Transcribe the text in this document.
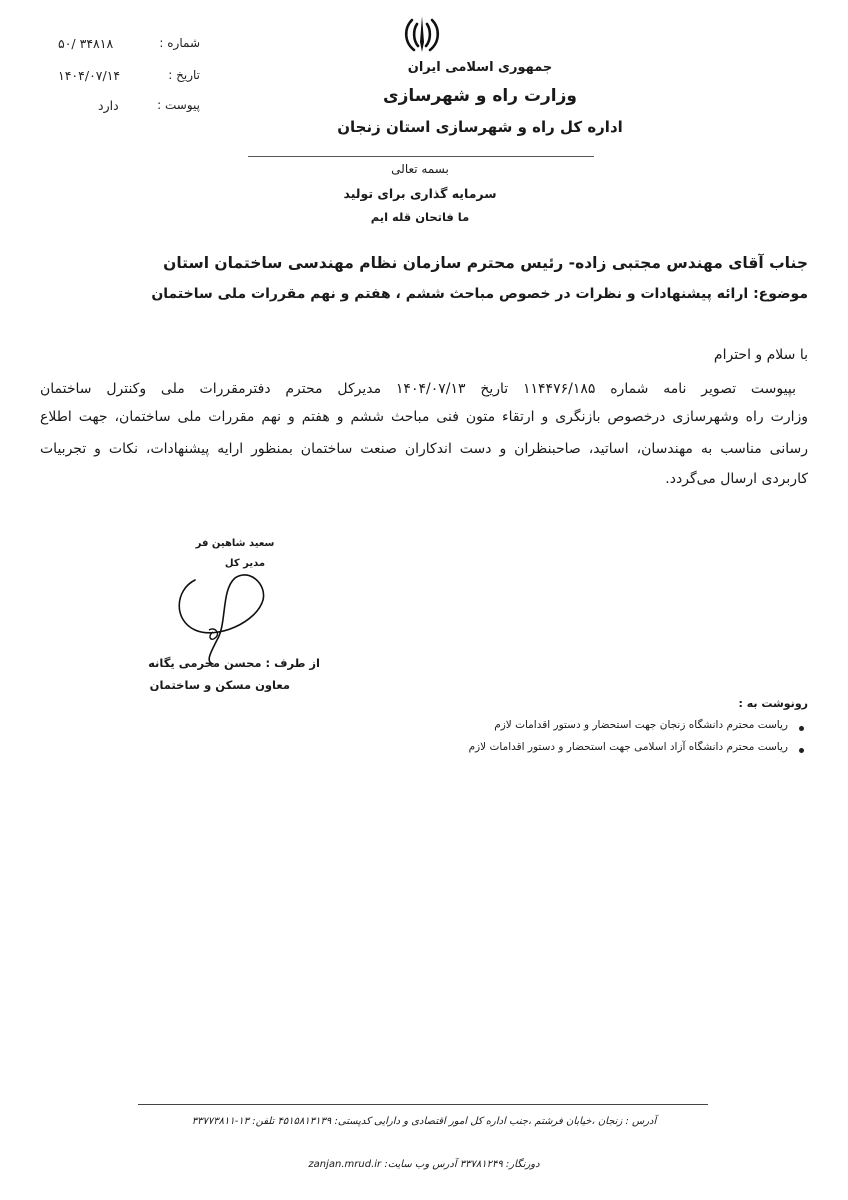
شماره :
۵۰/ ۳۴۸۱۸
تاریخ :
۱۴۰۴/۰۷/۱۴
پیوست :
دارد
جمهوری اسلامی ایران
وزارت راه و شهرسازی
اداره کل راه و شهرسازی استان زنجان
بسمه تعالی
سرمایه گذاری برای تولید
ما فاتحان قله ایم
جناب آقای مهندس مجتبی زاده- رئیس محترم سازمان نظام مهندسی ساختمان استان
موضوع: ارائه پیشنهادات و نظرات در خصوص مباحث ششم ، هفتم و نهم مقررات ملی ساختمان
با سلام و احترام
بپیوست تصویر نامه شماره ۱۱۴۴۷۶/۱۸۵ تاریخ ۱۴۰۴/۰۷/۱۳ مدیرکل محترم دفترمقررات ملی وکنترل ساختمان
وزارت راه وشهرسازی درخصوص بازنگری و ارتقاء متون فنی مباحث ششم و هفتم و نهم مقررات ملی ساختمان، جهت اطلاع
رسانی مناسب به مهندسان، اساتید، صاحبنظران و دست اندکاران صنعت ساختمان بمنظور ارایه پیشنهادات، نکات و تجربیات
کاربردی ارسال می‌گردد.
سعید شاهین فر
مدیر کل
از طرف : محسن محرمی یگانه
معاون مسکن و ساختمان
رونوشت به :
ریاست محترم دانشگاه زنجان جهت استحضار و دستور اقدامات لازم
ریاست محترم دانشگاه آزاد اسلامی جهت استحضار و دستور اقدامات لازم
آدرس : زنجان ،خیابان فرشتم ،جنب اداره کل امور اقتصادی و دارایی کدپستی: ۴۵۱۵۸۱۳۱۳۹ تلفن: ۱۳-۳۳۷۷۳۸۱۱
دورنگار: ۳۳۷۸۱۲۴۹ آدرس وب سایت: zanjan.mrud.ir
